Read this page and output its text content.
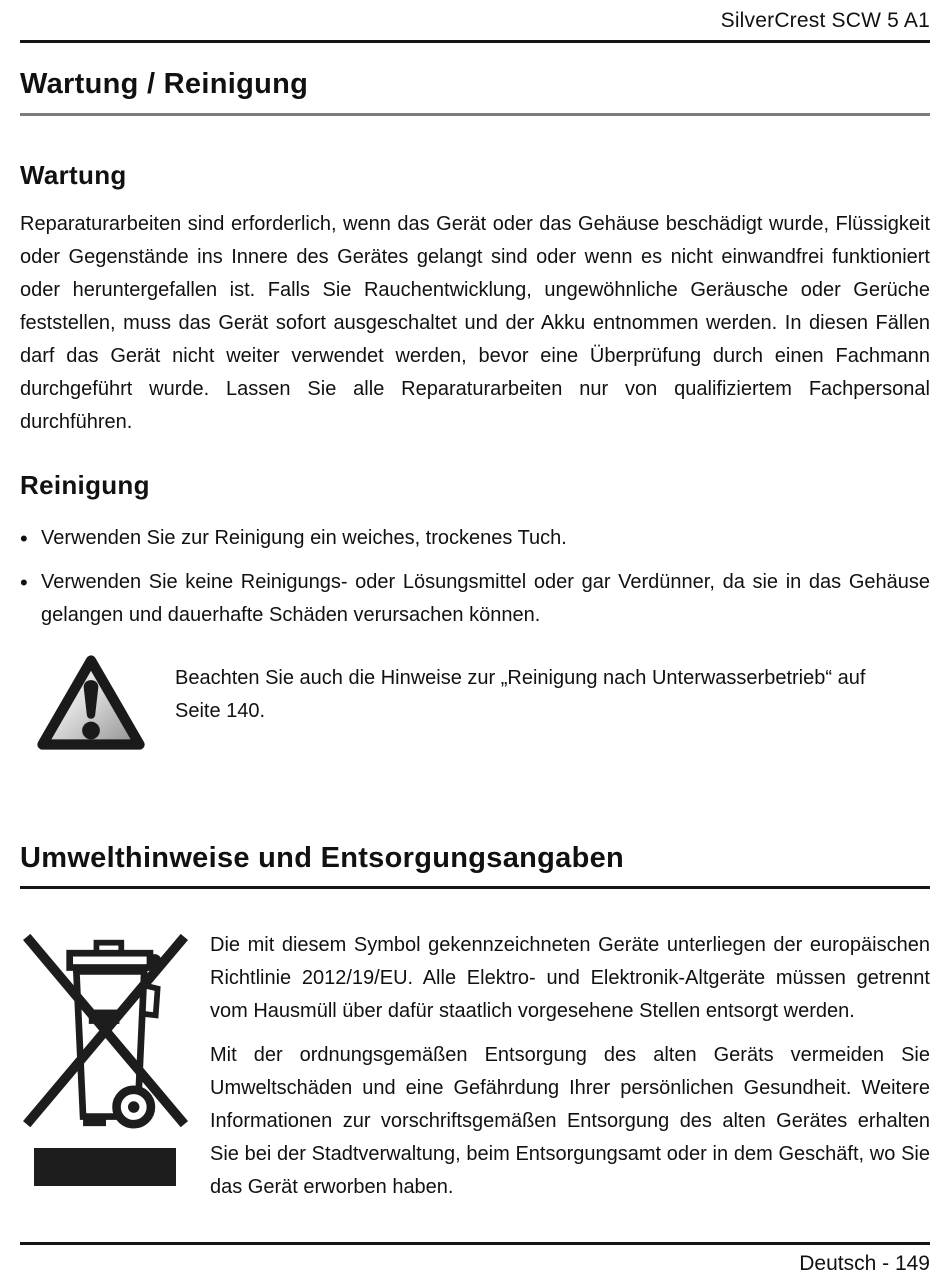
SilverCrest SCW 5 A1
Wartung / Reinigung
Wartung

Reparaturarbeiten sind erforderlich, wenn das Gerät oder das Gehäuse beschädigt wurde, Flüssigkeit oder Gegenstände ins Innere des Gerätes gelangt sind oder wenn es nicht einwandfrei funktioniert oder heruntergefallen ist. Falls Sie Rauchentwicklung, ungewöhnliche Geräusche oder Gerüche feststellen, muss das Gerät sofort ausgeschaltet und der Akku entnommen werden. In diesen Fällen darf das Gerät nicht weiter verwendet werden, bevor eine Überprüfung durch einen Fachmann durchgeführt wurde. Lassen Sie alle Reparaturarbeiten nur von qualifiziertem Fachpersonal durchführen.

Reinigung
• Verwenden Sie zur Reinigung ein weiches, trockenes Tuch.
• Verwenden Sie keine Reinigungs- oder Lösungsmittel oder gar Verdünner, da sie in das Gehäuse gelangen und dauerhafte Schäden verursachen können.

Beachten Sie auch die Hinweise zur „Reinigung nach Unterwasserbetrieb“ auf Seite 140.

Umwelthinweise und Entsorgungsangaben

Die mit diesem Symbol gekennzeichneten Geräte unterliegen der europäischen Richtlinie 2012/19/EU. Alle Elektro- und Elektronik-Altgeräte müssen getrennt vom Hausmüll über dafür staatlich vorgesehene Stellen entsorgt werden.

Mit der ordnungsgemäßen Entsorgung des alten Geräts vermeiden Sie Umweltschäden und eine Gefährdung Ihrer persönlichen Gesundheit. Weitere Informationen zur vorschriftsgemäßen Entsorgung des alten Gerätes erhalten Sie bei der Stadtverwaltung, beim Entsorgungsamt oder in dem Geschäft, wo Sie das Gerät erworben haben.

Deutsch - 149
